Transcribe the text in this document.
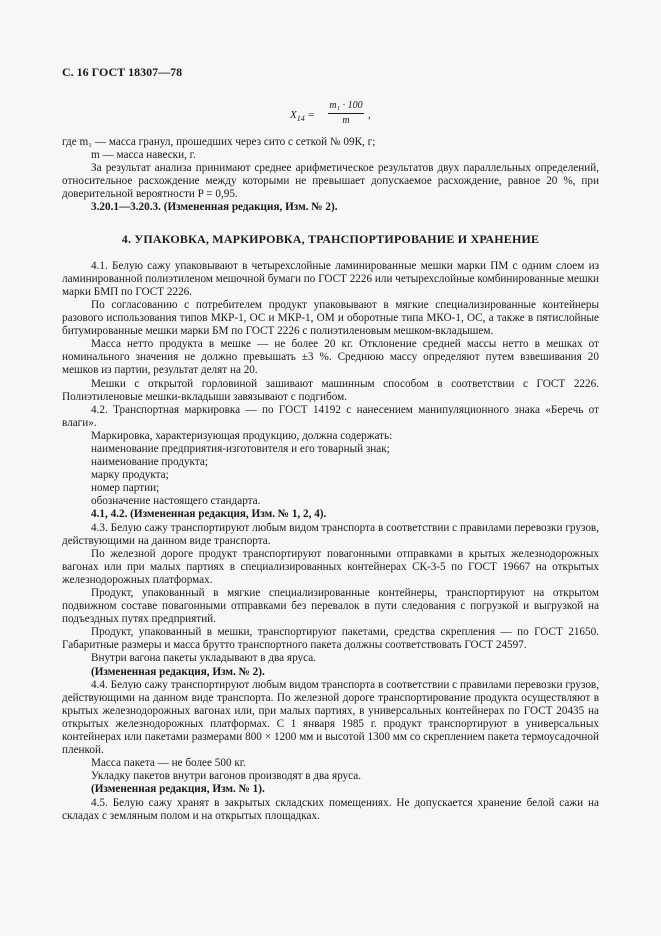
С. 16 ГОСТ 18307—78
$X_{14} = \frac{\text{m₁ · 100}}{m}$ ,

где m₁ — масса гранул, прошедших через сито с сеткой № 09К, г;

m — масса навески, г.

За результат анализа принимают среднее арифметическое результатов двух параллельных определений, относительное расхождение между которыми не превышает допускаемое расхождение, равное 20 %, при доверительной вероятности P = 0,95.

3.20.1—3.20.3. (Измененная редакция, Изм. № 2).

4. УПАКОВКА, МАРКИРОВКА, ТРАНСПОРТИРОВАНИЕ И ХРАНЕНИЕ

4.1. Белую сажу упаковывают в четырехслойные ламинированные мешки марки ПМ с одним слоем из ламинированной полиэтиленом мешочной бумаги по ГОСТ 2226 или четырехслойные комбинированные мешки марки БМП по ГОСТ 2226.

По согласованию с потребителем продукт упаковывают в мягкие специализированные контейнеры разового использования типов МКР-1, ОС и МКР-1, ОМ и оборотные типа МКО-1, ОС, а также в пятислойные битумированные мешки марки БМ по ГОСТ 2226 с полиэтиленовым мешком-вкладышем.

Масса нетто продукта в мешке — не более 20 кг. Отклонение средней массы нетто в мешках от номинального значения не должно превышать ±3 %. Среднюю массу определяют путем взвешивания 20 мешков из партии, результат делят на 20.

Мешки с открытой горловиной зашивают машинным способом в соответствии с ГОСТ 2226. Полиэтиленовые мешки-вкладыши завязывают с подгибом.

4.2. Транспортная маркировка — по ГОСТ 14192 с нанесением манипуляционного знака «Беречь от влаги».

Маркировка, характеризующая продукцию, должна содержать:

наименование предприятия-изготовителя и его товарный знак;

наименование продукта;

марку продукта;

номер партии;

обозначение настоящего стандарта.

4.1, 4.2. (Измененная редакция, Изм. № 1, 2, 4).

4.3. Белую сажу транспортируют любым видом транспорта в соответствии с правилами перевозки грузов, действующими на данном виде транспорта.

По железной дороге продукт транспортируют повагонными отправками в крытых железнодорожных вагонах или при малых партиях в специализированных контейнерах СК-3-5 по ГОСТ 19667 на открытых железнодорожных платформах.

Продукт, упакованный в мягкие специализированные контейнеры, транспортируют на открытом подвижном составе повагонными отправками без перевалок в пути следования с погрузкой и выгрузкой на подъездных путях предприятий.

Продукт, упакованный в мешки, транспортируют пакетами, средства скрепления — по ГОСТ 21650. Габаритные размеры и масса брутто транспортного пакета должны соответствовать ГОСТ 24597.

Внутри вагона пакеты укладывают в два яруса.

(Измененная редакция, Изм. № 2).

4.4. Белую сажу транспортируют любым видом транспорта в соответствии с правилами перевозки грузов, действующими на данном виде транспорта. По железной дороге транспортирование продукта осуществляют в крытых железнодорожных вагонах или, при малых партиях, в универсальных контейнерах по ГОСТ 20435 на открытых железнодорожных платформах. С 1 января 1985 г. продукт транспортируют в универсальных контейнерах или пакетами размерами 800 × 1200 мм и высотой 1300 мм со скреплением пакета термоусадочной пленкой.

Масса пакета — не более 500 кг.

Укладку пакетов внутри вагонов производят в два яруса.

(Измененная редакция, Изм. № 1).

4.5. Белую сажу хранят в закрытых складских помещениях. Не допускается хранение белой сажи на складах с земляным полом и на открытых площадках.
